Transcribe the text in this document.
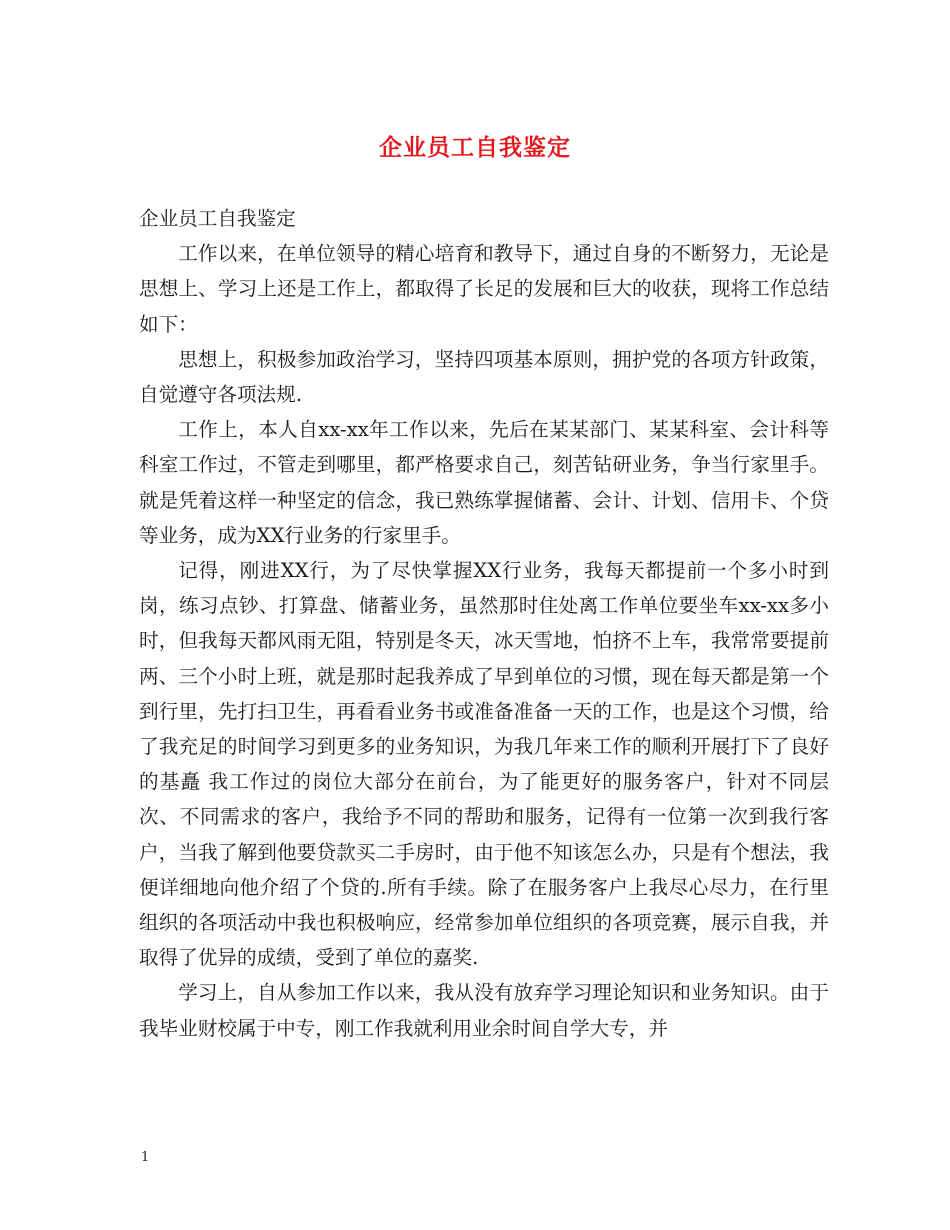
企业员工自我鉴定

企业员工自我鉴定

工作以来，在单位领导的精心培育和教导下，通过自身的不断努力，无论是思想上、学习上还是工作上，都取得了长足的发展和巨大的收获，现将工作总结如下：

思想上，积极参加政治学习，坚持四项基本原则，拥护党的各项方针政策，自觉遵守各项法规.

工作上，本人自xx-xx年工作以来，先后在某某部门、某某科室、会计科等科室工作过，不管走到哪里，都严格要求自己，刻苦钻研业务，争当行家里手。就是凭着这样一种坚定的信念，我已熟练掌握储蓄、会计、计划、信用卡、个贷等业务，成为XX行业务的行家里手。

记得，刚进XX行，为了尽快掌握XX行业务，我每天都提前一个多小时到岗，练习点钞、打算盘、储蓄业务，虽然那时住处离工作单位要坐车xx-xx多小时，但我每天都风雨无阻，特别是冬天，冰天雪地，怕挤不上车，我常常要提前两、三个小时上班，就是那时起我养成了早到单位的习惯，现在每天都是第一个到行里，先打扫卫生，再看看业务书或准备准备一天的工作，也是这个习惯，给了我充足的时间学习到更多的业务知识，为我几年来工作的顺利开展打下了良好的基矗 我工作过的岗位大部分在前台，为了能更好的服务客户，针对不同层次、不同需求的客户，我给予不同的帮助和服务，记得有一位第一次到我行客户，当我了解到他要贷款买二手房时，由于他不知该怎么办，只是有个想法，我便详细地向他介绍了个贷的.所有手续。除了在服务客户上我尽心尽力，在行里组织的各项活动中我也积极响应，经常参加单位组织的各项竞赛，展示自我，并取得了优异的成绩，受到了单位的嘉奖.

学习上，自从参加工作以来，我从没有放弃学习理论知识和业务知识。由于我毕业财校属于中专，刚工作我就利用业余时间自学大专，并

1
